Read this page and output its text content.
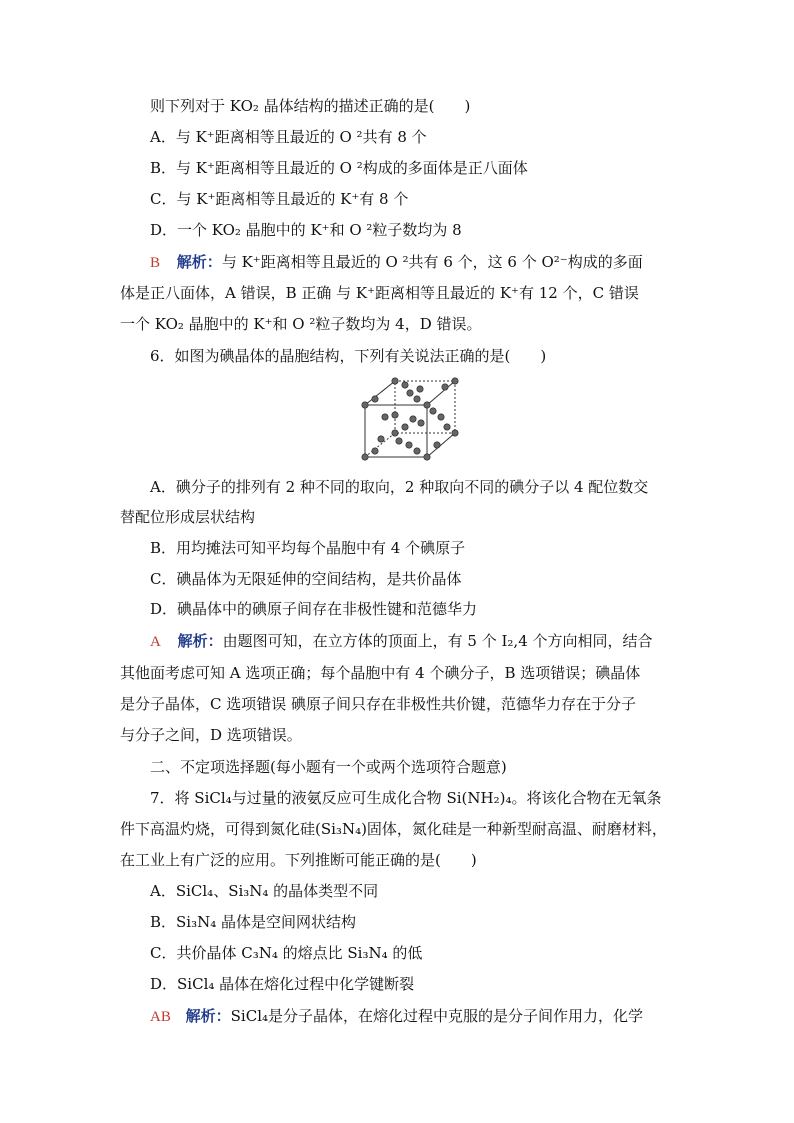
则下列对于 KO₂ 晶体结构的描述正确的是(　　)
A．与 K⁺距离相等且最近的 O ²共有 8 个
B．与 K⁺距离相等且最近的 O ²构成的多面体是正八面体
C．与 K⁺距离相等且最近的 K⁺有 8 个
D．一个 KO₂ 晶胞中的 K⁺和 O ²粒子数均为 8
B 解析：与 K⁺距离相等且最近的 O ²共有 6 个，这 6 个 O²⁻构成的多面
体是正八面体，A 错误，B 正确 与 K⁺距离相等且最近的 K⁺有 12 个，C 错误
一个 KO₂ 晶胞中的 K⁺和 O ²粒子数均为 4，D 错误。
6．如图为碘晶体的晶胞结构，下列有关说法正确的是(　　)
A．碘分子的排列有 2 种不同的取向，2 种取向不同的碘分子以 4 配位数交
替配位形成层状结构
B．用均摊法可知平均每个晶胞中有 4 个碘原子
C．碘晶体为无限延伸的空间结构，是共价晶体
D．碘晶体中的碘原子间存在非极性键和范德华力
A 解析：由题图可知，在立方体的顶面上，有 5 个 I₂,4 个方向相同，结合
其他面考虑可知 A 选项正确；每个晶胞中有 4 个碘分子，B 选项错误；碘晶体
是分子晶体，C 选项错误 碘原子间只存在非极性共价键，范德华力存在于分子
与分子之间，D 选项错误。
二、不定项选择题(每小题有一个或两个选项符合题意)
7．将 SiCl₄与过量的液氨反应可生成化合物 Si(NH₂)₄。将该化合物在无氧条
件下高温灼烧，可得到氮化硅(Si₃N₄)固体，氮化硅是一种新型耐高温、耐磨材料，
在工业上有广泛的应用。下列推断可能正确的是(　　)
A．SiCl₄、Si₃N₄ 的晶体类型不同
B．Si₃N₄ 晶体是空间网状结构
C．共价晶体 C₃N₄ 的熔点比 Si₃N₄ 的低
D．SiCl₄ 晶体在熔化过程中化学键断裂
AB 解析：SiCl₄是分子晶体，在熔化过程中克服的是分子间作用力，化学
